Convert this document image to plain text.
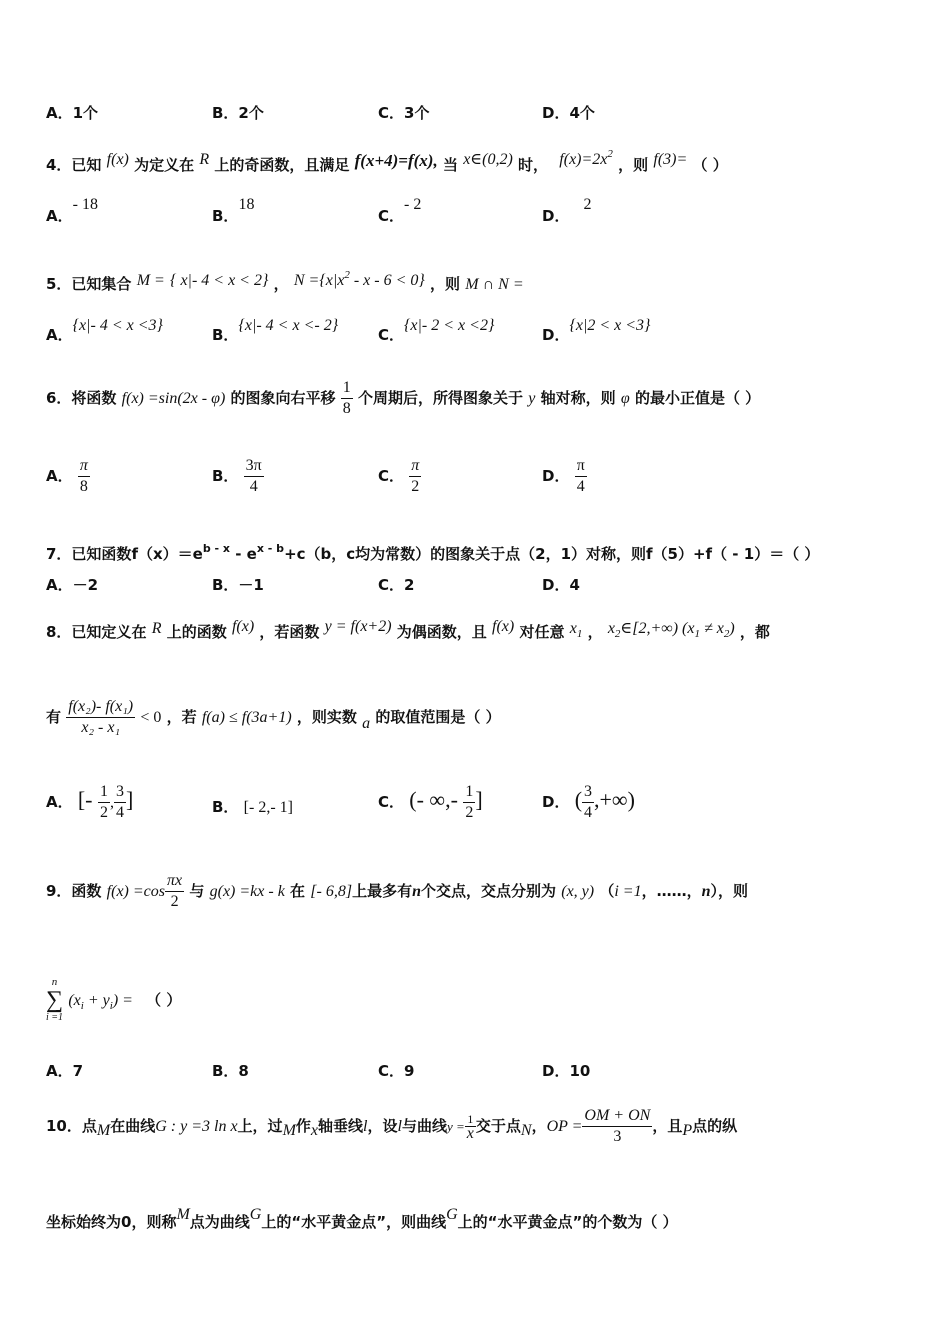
A．1个	B．2个	C．3个	D．4个
4．已知 f(x) 为定义在 R 上的奇函数，且满足 f(x+4)=f(x), 当 x∈(0,2) 时， $f(x)=2x^2$ ，则 f(3)= （ ）
A．- 18
B．18
C．- 2
D．2
5．已知集合 M = { x|- 4 < x < 2} ， $N =\{x|x^2 - x - 6 < 0\}$ ，则 M ∩ N =
A．{x|- 4 < x <3}
B．{x|- 4 < x <- 2}
C．{x|- 2 < x <2}
D．{x|2 < x <3}
6．将函数 f(x) =sin(2x - φ) 的图象向右平移 $\frac{1}{8}$ 个周期后，所得图象关于 y 轴对称，则 φ 的最小正值是（ ）
A． $\frac{\pi}{8}$	B． $\frac{3\pi}{4}$	C． $\frac{\pi}{2}$	D． $\frac{\pi}{4}$
7．已知函数$f(x)=e^{b - x} - e^{x - b}+c(b$，c均为常数）的图象关于点（2，1）对称，则f（5）+f（ - 1）＝（ ）
A．－2	B．－1	C．2	D．4
8．已知定义在 R 上的函数 f(x) ，若函数 y = f(x+2) 为偶函数，且 f(x) 对任意 $x_1$ ， $x_2\in[2,+\infty)$ $(x_1 \ne x_2)$ ，都
有 $\frac{\text{f(x₂)- f(x₁)}}{\text{x₂ - x₁}} < 0$ ，若 f(a) ≤ f(3a+1) ，则实数 a 的取值范围是（ ）
A． [- $\frac{1}{2}$ , $\frac{3}{4}$ ]	B． [- 2,- 1]	C． (- ∞,- $\frac{1}{2}$ ]	D． ( $\frac{3}{4}$ ,+∞)
9．函数 $f(x) =\cos \frac{\pi x}{2}$ 与 g(x) =kx - k 在 [- 6,8]上最多有n个交点，交点分别为 (x, y) （i =1，……，n），则
n
∑
i =1
$(x_i + y_i)$ = （ ）
A．7	B．8	C．9	D．10
10．点M在曲线G : y =3 ln x上，过M作x轴垂线l，设l与曲线$y = \frac{1}{x}$ 交于点N，OP = $\frac{OM + ON}{3}$ ，且P点的纵
坐标始终为0，则称M点为曲线G上的“水平黄金点”，则曲线G上的“水平黄金点”的个数为（ ）
